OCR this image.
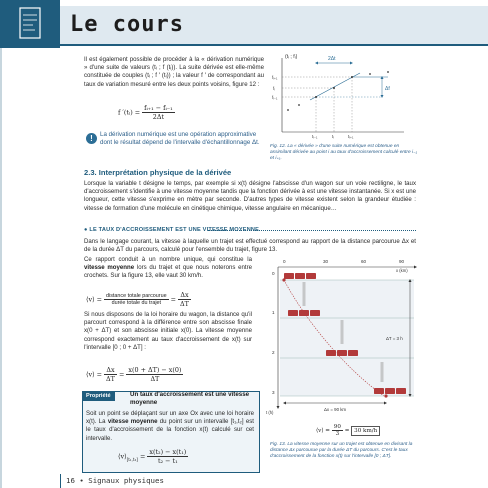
Le cours
Il est également possible de procéder à la « dérivation numérique » d'une suite de valeurs (tᵢ ; f (tᵢ)). La suite dérivée est elle-même constituée de couples (tᵢ ; f ′ (tᵢ)) ; la valeur f ′ de correspondant au taux de variation mesuré entre les deux points voisins, figure 12 :
f ′(tᵢ) = $\frac{\text{fᵢ₊₁ − fᵢ₋₁}}{2\Delta t}$
!	La dérivation numérique est une opération approximative dont le résultat dépend de l'intervalle d'échantillonnage Δt.
(tᵢ ; fᵢ)	2Δt
Δf
fᵢ₊₁
fᵢ
fᵢ₋₁
tᵢ₋₁	tᵢ	tᵢ₊₁
Fig. 12. La « dérivée » d'une suite numérique est obtenue en assimilant dérivée au point i au taux d'accroissement calculé entre i₋₁ et i₊₁.
2.3. Interprétation physique de la dérivée
Lorsque la variable t désigne le temps, par exemple si x(t) désigne l'abscisse d'un wagon sur un voie rectiligne, le taux d'accroissement s'identifie à une vitesse moyenne tandis que la fonction dérivée à est une vitesse instantanée. Si x est une longueur, cette vitesse s'exprime en mètre par seconde. D'autres types de vitesse existent selon la grandeur étudiée : vitesse de formation d'une molécule en cinétique chimique, vitesse angulaire en mécanique…
● LE TAUX D'ACCROISSEMENT EST UNE VITESSE MOYENNE
Dans le langage courant, la vitesse à laquelle un trajet est effectué correspond au rapport de la distance parcourue Δx et de la durée ΔT du parcours, calculé pour l'ensemble du trajet, figure 13.
Ce rapport conduit à un nombre unique, qui constitue la vitesse moyenne lors du trajet et que nous noterons entre crochets. Sur la figure 13, elle vaut 30 km/h.
⟨v⟩ = $\frac{\text{distance totale parcourue}}{\text{durée totale du trajet}} = \frac{\Delta x}{\Delta T}$
Si nous disposons de la loi horaire du wagon, la distance qu'il parcourt correspond à la différence entre son abscisse finale x(0 + ΔT) et son abscisse initiale x(0). La vitesse moyenne correspond exactement au taux d'accroissement de x(t) sur l'intervalle [0 ; 0 + ΔT] :
⟨v⟩ = $\frac{\Delta x}{\Delta T} = \frac{x(0 + \Delta T) - x(0)}{\Delta T}$
Propriété	Un taux d'accroissement est une vitesse moyenne
Soit un point se déplaçant sur un axe Ox avec une loi horaire x(t). La vitesse moyenne du point sur un intervalle [t₁,t₂] est le taux d'accroissement de la fonction x(t) calculé sur cet intervalle.
$⟨v⟩_{[t_1,t_2]} = \frac{\text{x(t₂) − x(t₁)}}{\text{t₂ − t₁}}$
0	30	60	90
x (km)
0
1
2
3
t (h)
ΔT = 3 h
Δx = 90 km
⟨v⟩ = $\frac{90}{3} = 30$ km/h
Fig. 13. La vitesse moyenne sur un trajet est obtenue en divisant la distance Δx parcourue par la durée ΔT du parcours. C'est le taux d'accroissement de la fonction x(t) sur l'intervalle [0 ; ΔT].
16 • Signaux physiques
